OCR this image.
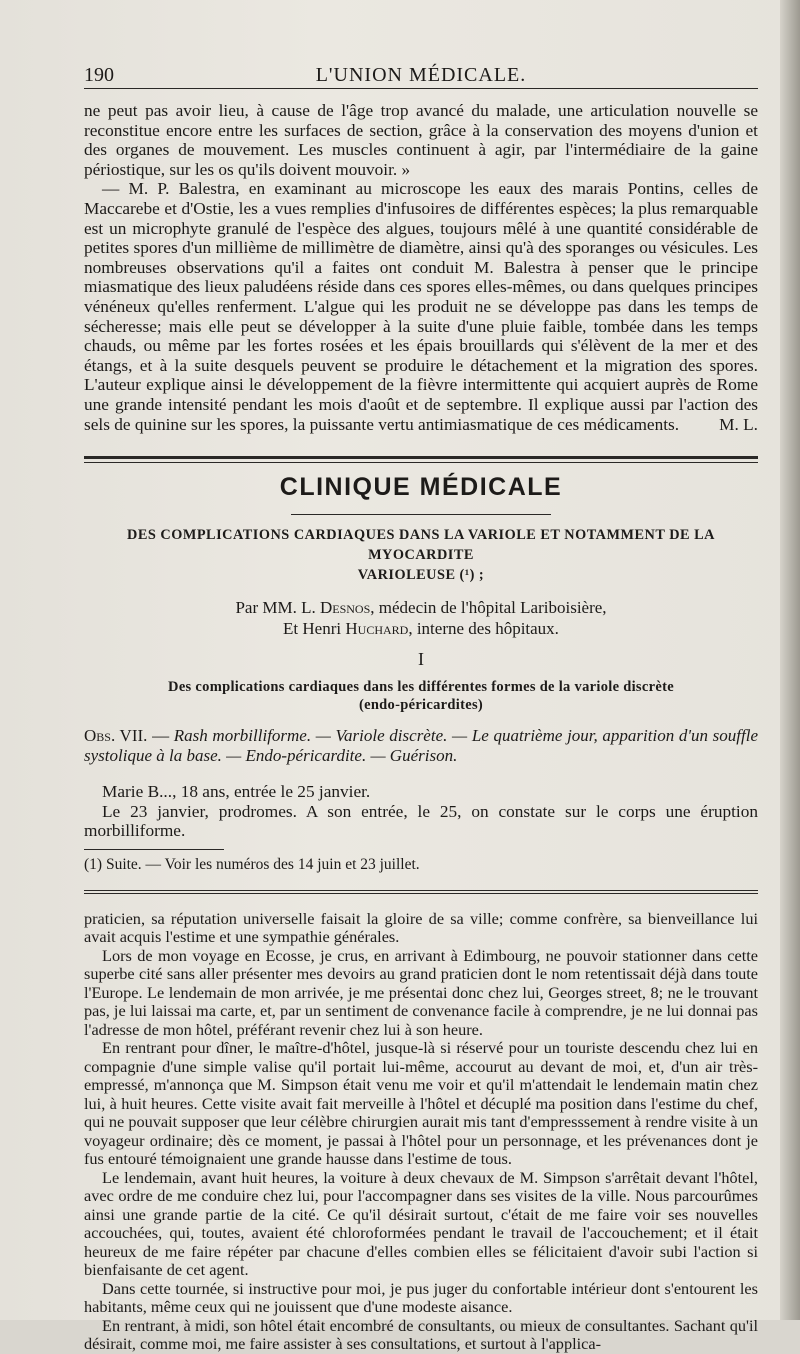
190	L'UNION MÉDICALE.

ne peut pas avoir lieu, à cause de l'âge trop avancé du malade, une articulation nouvelle se reconstitue encore entre les surfaces de section, grâce à la conservation des moyens d'union et des organes de mouvement. Les muscles continuent à agir, par l'intermédiaire de la gaine périostique, sur les os qu'ils doivent mouvoir. »

— M. P. Balestra, en examinant au microscope les eaux des marais Pontins, celles de Maccarebe et d'Ostie, les a vues remplies d'infusoires de différentes espèces; la plus remarquable est un microphyte granulé de l'espèce des algues, toujours mêlé à une quantité considérable de petites spores d'un millième de millimètre de diamètre, ainsi qu'à des sporanges ou vésicules. Les nombreuses observations qu'il a faites ont conduit M. Balestra à penser que le principe miasmatique des lieux paludéens réside dans ces spores elles-mêmes, ou dans quelques principes vénéneux qu'elles renferment. L'algue qui les produit ne se développe pas dans les temps de sécheresse; mais elle peut se développer à la suite d'une pluie faible, tombée dans les temps chauds, ou même par les fortes rosées et les épais brouillards qui s'élèvent de la mer et des étangs, et à la suite desquels peuvent se produire le détachement et la migration des spores. L'auteur explique ainsi le développement de la fièvre intermittente qui acquiert auprès de Rome une grande intensité pendant les mois d'août et de septembre. Il explique aussi par l'action des sels de quinine sur les spores, la puissante vertu antimiasmatique de ces médicaments.	M. L.

CLINIQUE MÉDICALE
DES COMPLICATIONS CARDIAQUES DANS LA VARIOLE ET NOTAMMENT DE LA MYOCARDITE
VARIOLEUSE (¹) ;
Par MM. L. Desnos, médecin de l'hôpital Lariboisière,
Et Henri Huchard, interne des hôpitaux.
I
Des complications cardiaques dans les différentes formes de la variole discrète
(endo-péricardites)

Obs. VII. — Rash morbilliforme. — Variole discrète. — Le quatrième jour, apparition d'un souffle systolique à la base. — Endo-péricardite. — Guérison.

Marie B..., 18 ans, entrée le 25 janvier.

Le 23 janvier, prodromes. A son entrée, le 25, on constate sur le corps une éruption morbilliforme.

(1) Suite. — Voir les numéros des 14 juin et 23 juillet.

praticien, sa réputation universelle faisait la gloire de sa ville; comme confrère, sa bienveillance lui avait acquis l'estime et une sympathie générales.

Lors de mon voyage en Ecosse, je crus, en arrivant à Edimbourg, ne pouvoir stationner dans cette superbe cité sans aller présenter mes devoirs au grand praticien dont le nom retentissait déjà dans toute l'Europe. Le lendemain de mon arrivée, je me présentai donc chez lui, Georges street, 8; ne le trouvant pas, je lui laissai ma carte, et, par un sentiment de convenance facile à comprendre, je ne lui donnai pas l'adresse de mon hôtel, préférant revenir chez lui à son heure.

En rentrant pour dîner, le maître-d'hôtel, jusque-là si réservé pour un touriste descendu chez lui en compagnie d'une simple valise qu'il portait lui-même, accourut au devant de moi, et, d'un air très-empressé, m'annonça que M. Simpson était venu me voir et qu'il m'attendait le lendemain matin chez lui, à huit heures. Cette visite avait fait merveille à l'hôtel et décuplé ma position dans l'estime du chef, qui ne pouvait supposer que leur célèbre chirurgien aurait mis tant d'empresssement à rendre visite à un voyageur ordinaire; dès ce moment, je passai à l'hôtel pour un personnage, et les prévenances dont je fus entouré témoignaient une grande hausse dans l'estime de tous.

Le lendemain, avant huit heures, la voiture à deux chevaux de M. Simpson s'arrêtait devant l'hôtel, avec ordre de me conduire chez lui, pour l'accompagner dans ses visites de la ville. Nous parcourûmes ainsi une grande partie de la cité. Ce qu'il désirait surtout, c'était de me faire voir ses nouvelles accouchées, qui, toutes, avaient été chloroformées pendant le travail de l'accouchement; et il était heureux de me faire répéter par chacune d'elles combien elles se félicitaient d'avoir subi l'action si bienfaisante de cet agent.

Dans cette tournée, si instructive pour moi, je pus juger du confortable intérieur dont s'entourent les habitants, même ceux qui ne jouissent que d'une modeste aisance.

En rentrant, à midi, son hôtel était encombré de consultants, ou mieux de consultantes. Sachant qu'il désirait, comme moi, me faire assister à ses consultations, et surtout à l'applica-
